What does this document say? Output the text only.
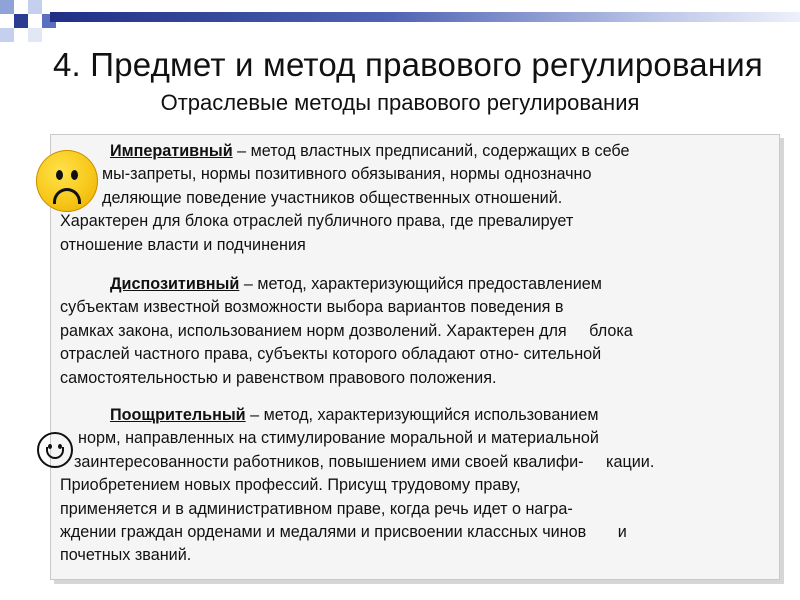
4. Предмет и метод правового регулирования
Отраслевые методы правового регулирования
Императивный – метод властных предписаний, содержащих в себе
мы-запреты, нормы позитивного обязывания, нормы однозначно
деляющие поведение участников общественных отношений.
Характерен для блока отраслей публичного права, где превалирует
отношение власти и подчинения
Диспозитивный – метод, характеризующийся предоставлением
субъектам известной возможности выбора вариантов поведения в
рамках закона, использованием норм дозволений. Характерен для     блока
отраслей частного права, субъекты которого обладают отно- сительной
самостоятельностью и равенством правового положения.
Поощрительный – метод, характеризующийся использованием
норм, направленных на стимулирование моральной и материальной
заинтересованности работников, повышением ими своей квалифи-     кации.
Приобретением новых профессий. Присущ трудовому праву,
применяется и в административном праве, когда речь идет о награ-
ждении граждан орденами и медалями и присвоении классных чинов       и
почетных званий.
